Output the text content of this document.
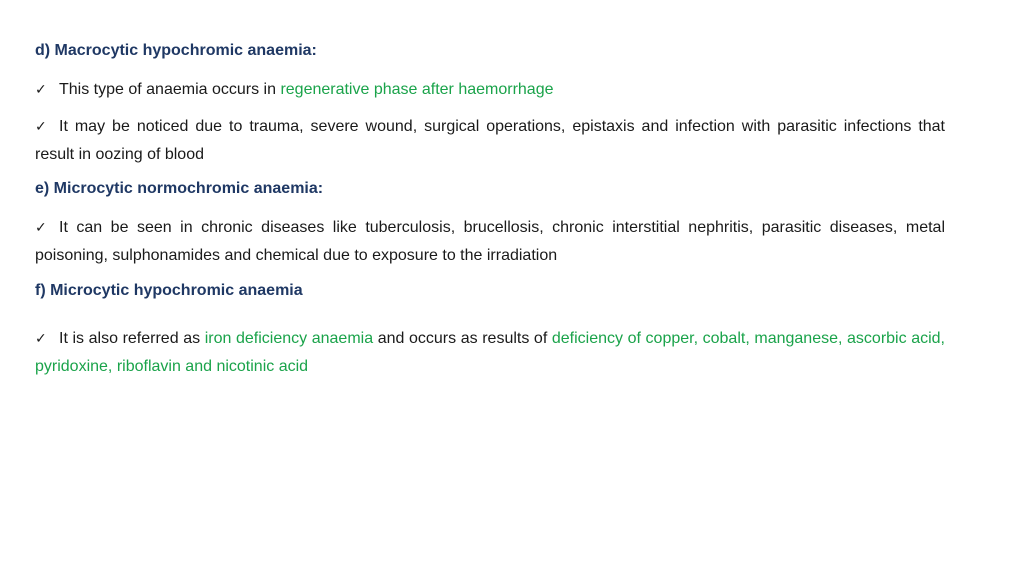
d) Macrocytic hypochromic anaemia:
✓ This type of anaemia occurs in regenerative phase after haemorrhage
✓ It may be noticed due to trauma, severe wound, surgical operations, epistaxis and infection with parasitic infections that result in oozing of blood
e) Microcytic normochromic anaemia:
✓ It can be seen in chronic diseases like tuberculosis, brucellosis, chronic interstitial nephritis, parasitic diseases, metal poisoning, sulphonamides and chemical due to exposure to the irradiation
f) Microcytic hypochromic anaemia
✓ It is also referred as iron deficiency anaemia and occurs as results of deficiency of copper, cobalt, manganese, ascorbic acid, pyridoxine, riboflavin and nicotinic acid
